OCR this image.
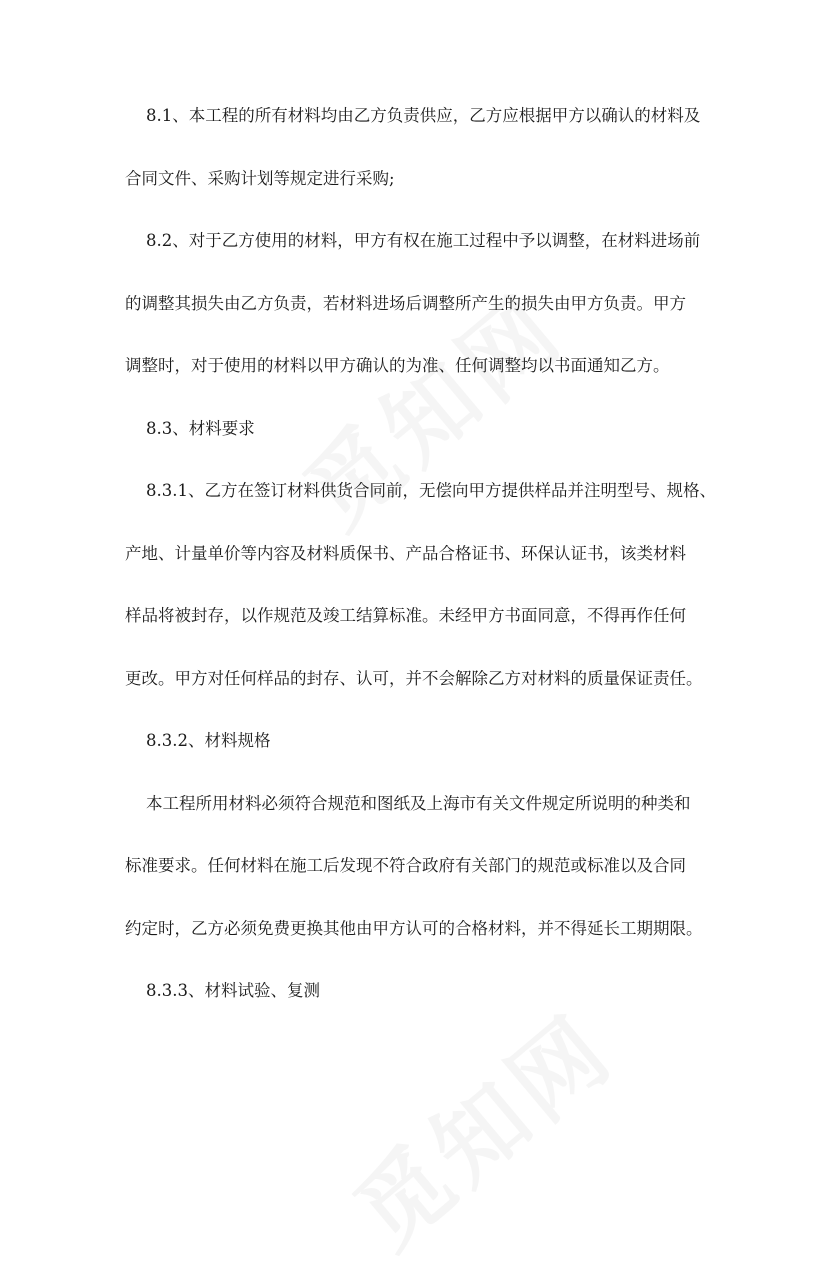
8.1、本工程的所有材料均由乙方负责供应，乙方应根据甲方以确认的材料及
合同文件、采购计划等规定进行采购;
8.2、对于乙方使用的材料，甲方有权在施工过程中予以调整，在材料进场前
的调整其损失由乙方负责，若材料进场后调整所产生的损失由甲方负责。甲方
调整时，对于使用的材料以甲方确认的为准、任何调整均以书面通知乙方。
8.3、材料要求
8.3.1、乙方在签订材料供货合同前，无偿向甲方提供样品并注明型号、规格、
产地、计量单价等内容及材料质保书、产品合格证书、环保认证书，该类材料
样品将被封存，以作规范及竣工结算标准。未经甲方书面同意，不得再作任何
更改。甲方对任何样品的封存、认可，并不会解除乙方对材料的质量保证责任。
8.3.2、材料规格
本工程所用材料必须符合规范和图纸及上海市有关文件规定所说明的种类和
标准要求。任何材料在施工后发现不符合政府有关部门的规范或标准以及合同
约定时，乙方必须免费更换其他由甲方认可的合格材料，并不得延长工期期限。
8.3.3、材料试验、复测
